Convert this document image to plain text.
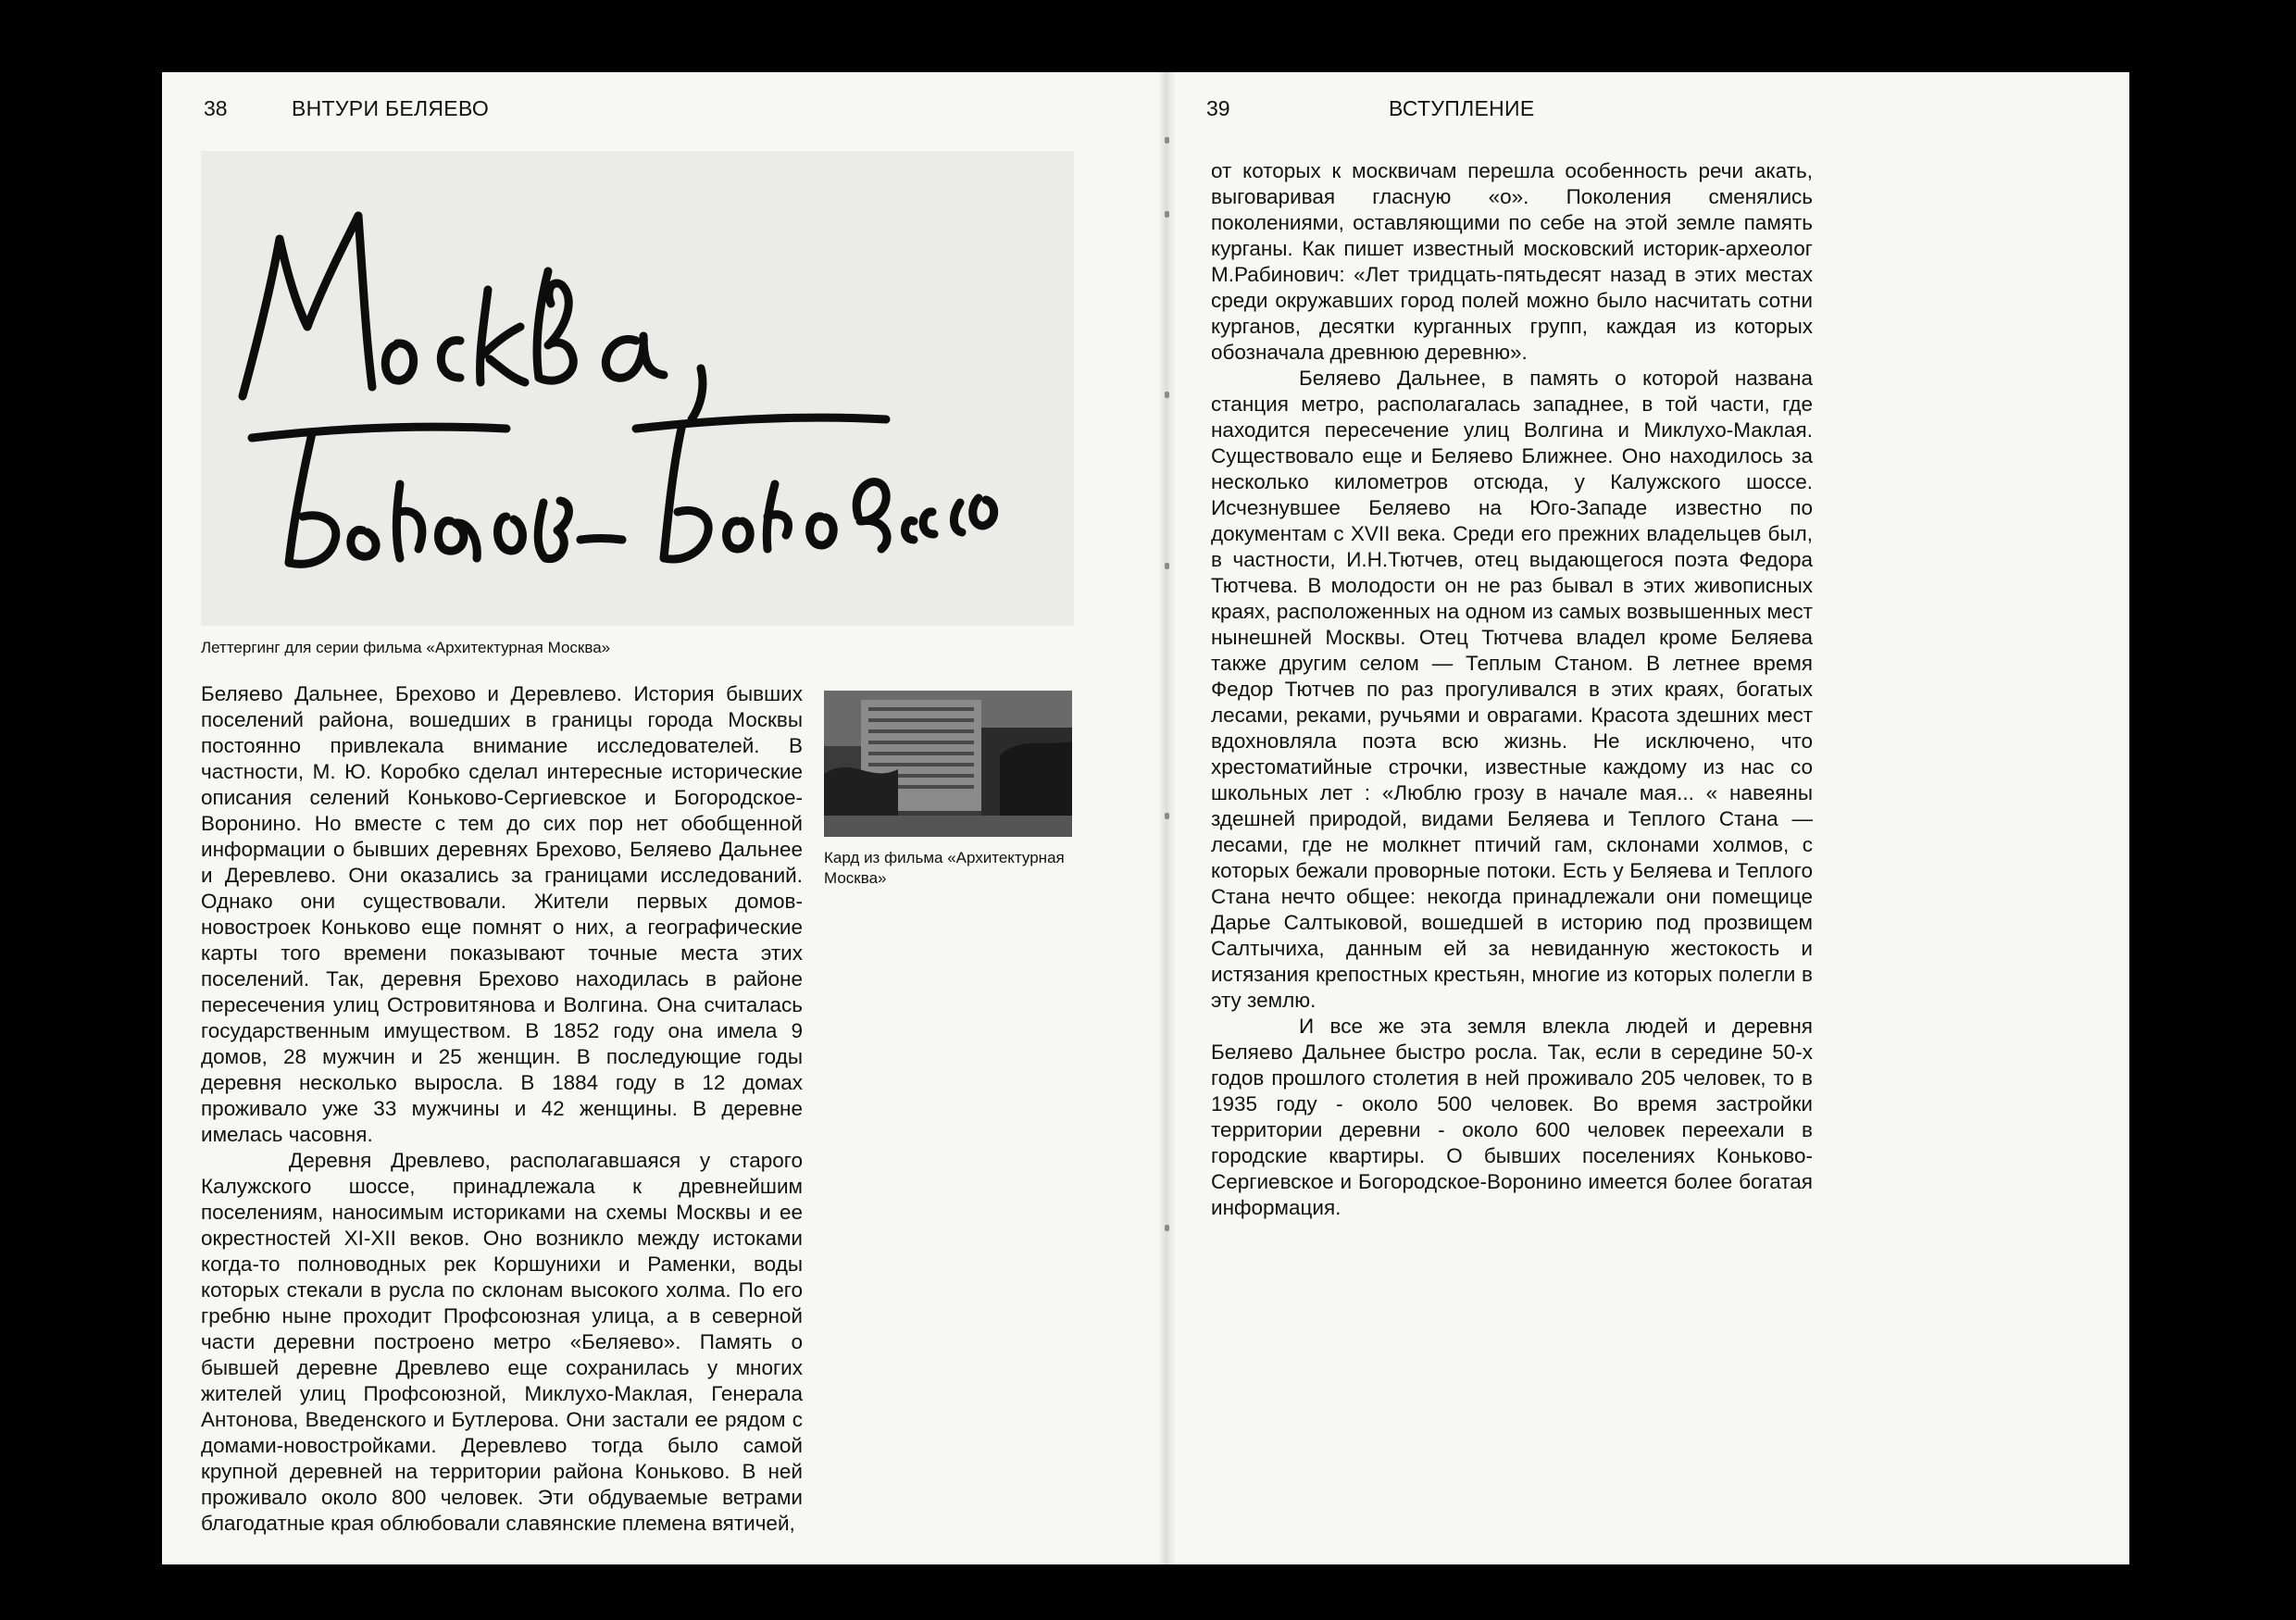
38	ВНТУРИ БЕЛЯЕВО
Леттергинг для серии фильма «Архитектурная Москва»

Беляево Дальнее, Брехово и Деревлево. История бывших поселений района, вошедших в границы города Москвы постоянно привлекала внимание исследователей. В частности, М. Ю. Коробко сделал интересные исторические описания селений Коньково-Сергиевское и Богородское-Воронино. Но вместе с тем до сих пор нет обобщенной информации о бывших деревнях Брехово, Беляево Дальнее и Деревлево. Они оказались за границами исследований. Однако они существовали. Жители первых домов-новостроек Коньково еще помнят о них, а географические карты того времени показывают точные места этих поселений. Так, деревня Брехово находилась в районе пересечения улиц Островитянова и Волгина. Она считалась государственным имуществом. В 1852 году она имела 9 домов, 28 мужчин и 25 женщин. В последующие годы деревня несколько выросла. В 1884 году в 12 домах проживало уже 33 мужчины и 42 женщины. В деревне имелась часовня.

Деревня Древлево, располагавшаяся у старого Калужского шоссе, принадлежала к древнейшим поселениям, наносимым историками на схемы Москвы и ее окрестностей XI-XII веков. Оно возникло между истоками когда-то полноводных рек Коршунихи и Раменки, воды которых стекали в русла по склонам высокого холма. По его гребню ныне проходит Профсоюзная улица, а в северной части деревни построено метро «Беляево». Память о бывшей деревне Древлево еще сохранилась у многих жителей улиц Профсоюзной, Миклухо-Маклая, Генерала Антонова, Введенского и Бутлерова. Они застали ее рядом с домами-новостройками. Деревлево тогда было самой крупной деревней на территории района Коньково. В ней проживало около 800 человек. Эти обдуваемые ветрами благодатные края облюбовали славянские племена вятичей,

Кард из фильма «Архитектурная Москва»
39	ВСТУПЛЕНИЕ

от которых к москвичам перешла особенность речи акать, выговаривая гласную «о». Поколения сменялись поколениями, оставляющими по себе на этой земле память курганы. Как пишет известный московский историк-археолог М.Рабинович: «Лет тридцать-пятьдесят назад в этих местах среди окружавших город полей можно было насчитать сотни курганов, десятки курганных групп, каждая из которых обозначала древнюю деревню».

Беляево Дальнее, в память о которой названа станция метро, располагалась западнее, в той части, где находится пересечение улиц Волгина и Миклухо-Маклая. Существовало еще и Беляево Ближнее. Оно находилось за несколько километров отсюда, у Калужского шоссе. Исчезнувшее Беляево на Юго-Западе известно по документам с XVII века. Среди его прежних владельцев был, в частности, И.Н.Тютчев, отец выдающегося поэта Федора Тютчева. В молодости он не раз бывал в этих живописных краях, расположенных на одном из самых возвышенных мест нынешней Москвы. Отец Тютчева владел кроме Беляева также другим селом — Теплым Станом. В летнее время Федор Тютчев по раз прогуливался в этих краях, богатых лесами, реками, ручьями и оврагами. Красота здешних мест вдохновляла поэта всю жизнь. Не исключено, что хрестоматийные строчки, известные каждому из нас со школьных лет : «Люблю грозу в начале мая... « навеяны здешней природой, видами Беляева и Теплого Стана — лесами, где не молкнет птичий гам, склонами холмов, с которых бежали проворные потоки. Есть у Беляева и Теплого Стана нечто общее: некогда принадлежали они помещице Дарье Салтыковой, вошедшей в историю под прозвищем Салтычиха, данным ей за невиданную жестокость и истязания крепостных крестьян, многие из которых полегли в эту землю.

И все же эта земля влекла людей и деревня Беляево Дальнее быстро росла. Так, если в середине 50-х годов прошлого столетия в ней проживало 205 человек, то в 1935 году - около 500 человек. Во время застройки территории деревни - около 600 человек переехали в городские квартиры. О бывших поселениях Коньково-Сергиевское и Богородское-Воронино имеется более богатая информация.
